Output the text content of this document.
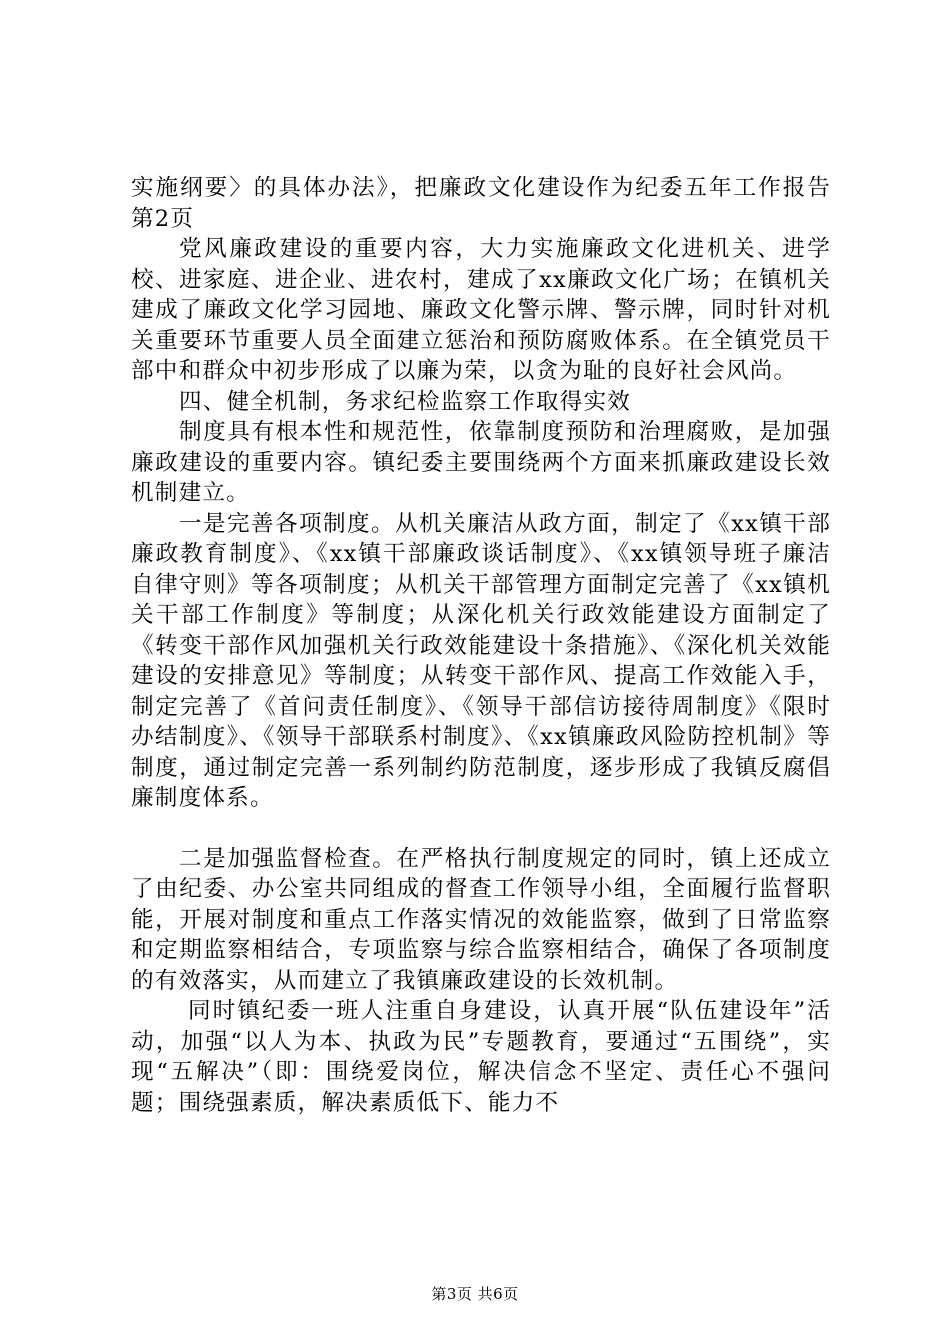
实施纲要〉的具体办法》，把廉政文化建设作为纪委五年工作报告第2页

党风廉政建设的重要内容，大力实施廉政文化进机关、进学校、进家庭、进企业、进农村，建成了xx廉政文化广场；在镇机关建成了廉政文化学习园地、廉政文化警示牌、警示牌，同时针对机关重要环节重要人员全面建立惩治和预防腐败体系。在全镇党员干部中和群众中初步形成了以廉为荣，以贪为耻的良好社会风尚。

四、健全机制，务求纪检监察工作取得实效

制度具有根本性和规范性，依靠制度预防和治理腐败，是加强廉政建设的重要内容。镇纪委主要围绕两个方面来抓廉政建设长效机制建立。

一是完善各项制度。从机关廉洁从政方面，制定了《xx镇干部廉政教育制度》、《xx镇干部廉政谈话制度》、《xx镇领导班子廉洁自律守则》等各项制度；从机关干部管理方面制定完善了《xx镇机关干部工作制度》等制度；从深化机关行政效能建设方面制定了《转变干部作风加强机关行政效能建设十条措施》、《深化机关效能建设的安排意见》等制度；从转变干部作风、提高工作效能入手，制定完善了《首问责任制度》、《领导干部信访接待周制度》《限时办结制度》、《领导干部联系村制度》、《xx镇廉政风险防控机制》等制度，通过制定完善一系列制约防范制度，逐步形成了我镇反腐倡廉制度体系。

二是加强监督检查。在严格执行制度规定的同时，镇上还成立了由纪委、办公室共同组成的督查工作领导小组，全面履行监督职能，开展对制度和重点工作落实情况的效能监察，做到了日常监察和定期监察相结合，专项监察与综合监察相结合，确保了各项制度的有效落实，从而建立了我镇廉政建设的长效机制。

同时镇纪委一班人注重自身建设，认真开展“队伍建设年”活动，加强“以人为本、执政为民”专题教育，要通过“五围绕”，实现“五解决”（即：围绕爱岗位，解决信念不坚定、责任心不强问题；围绕强素质，解决素质低下、能力不

第3页 共6页
